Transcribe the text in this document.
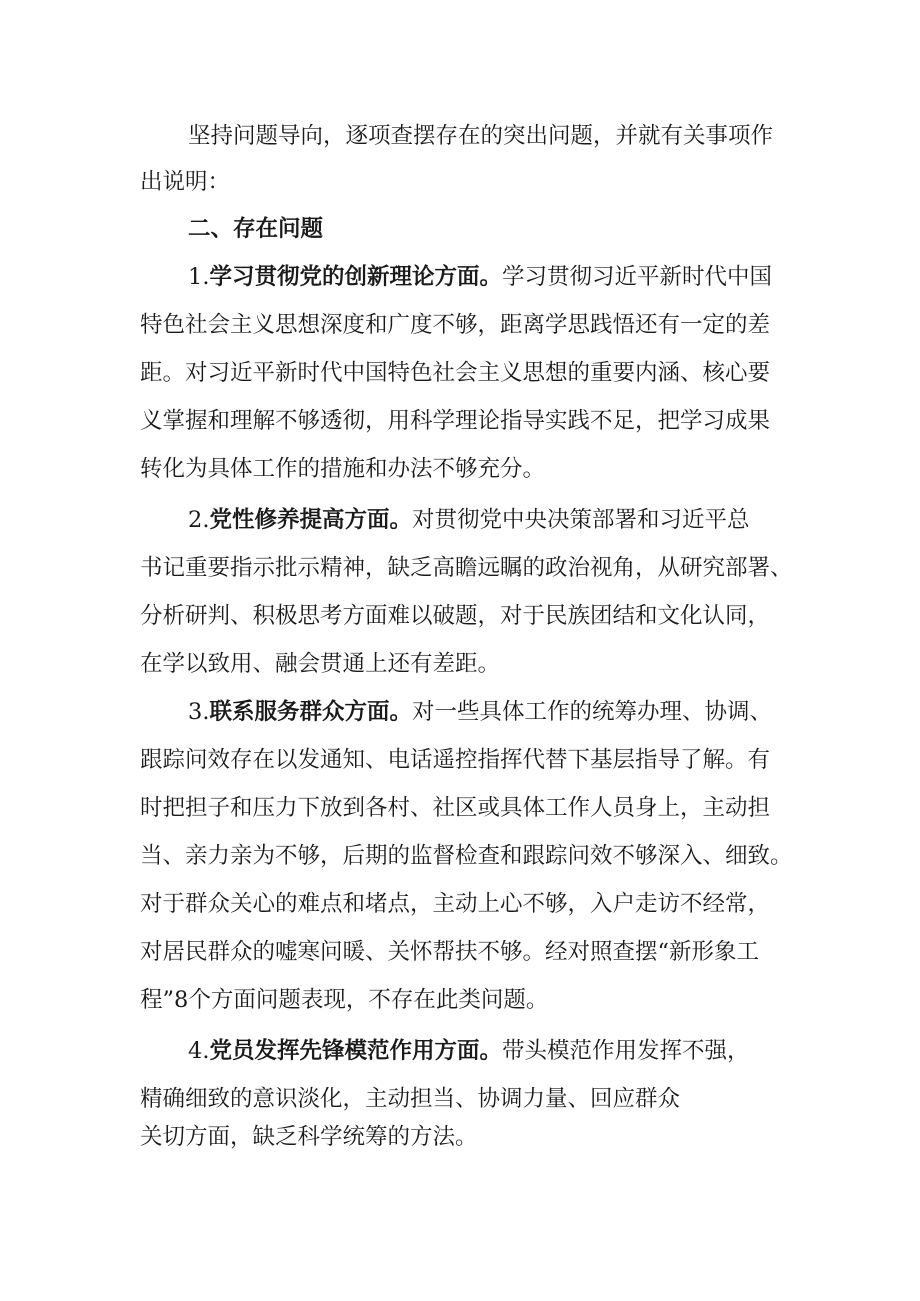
坚持问题导向，逐项查摆存在的突出问题，并就有关事项作
出说明：
二、存在问题
1.学习贯彻党的创新理论方面。学习贯彻习近平新时代中国
特色社会主义思想深度和广度不够，距离学思践悟还有一定的差
距。对习近平新时代中国特色社会主义思想的重要内涵、核心要
义掌握和理解不够透彻，用科学理论指导实践不足，把学习成果
转化为具体工作的措施和办法不够充分。
2.党性修养提高方面。对贯彻党中央决策部署和习近平总
书记重要指示批示精神，缺乏高瞻远瞩的政治视角，从研究部署、
分析研判、积极思考方面难以破题，对于民族团结和文化认同，
在学以致用、融会贯通上还有差距。
3.联系服务群众方面。对一些具体工作的统筹办理、协调、
跟踪问效存在以发通知、电话遥控指挥代替下基层指导了解。有
时把担子和压力下放到各村、社区或具体工作人员身上，主动担
当、亲力亲为不够，后期的监督检查和跟踪问效不够深入、细致。
对于群众关心的难点和堵点，主动上心不够，入户走访不经常，
对居民群众的嘘寒问暖、关怀帮扶不够。经对照查摆“新形象工
程”8个方面问题表现，不存在此类问题。
4.党员发挥先锋模范作用方面。带头模范作用发挥不强，
精确细致的意识淡化，主动担当、协调力量、回应群众
关切方面，缺乏科学统筹的方法。
